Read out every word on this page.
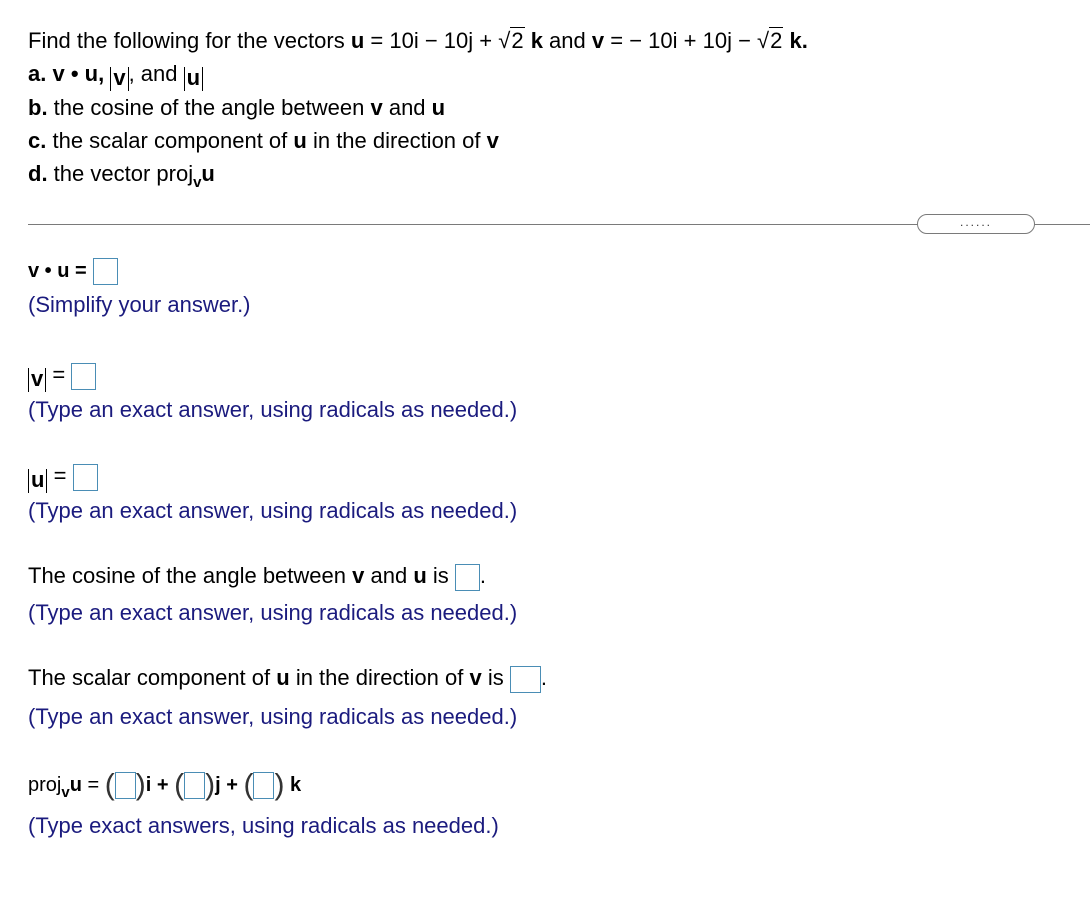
Find the following for the vectors u = 10i − 10j + √2 k and v = − 10i + 10j − √2 k.
a. v • u, v , and u
b. the cosine of the angle between v and u
c. the scalar component of u in the direction of v
d. the vector proj$_v$u
......
v • u =
(Simplify your answer.)
v =
(Type an exact answer, using radicals as needed.)
u =
(Type an exact answer, using radicals as needed.)
The cosine of the angle between v and u is .
(Type an exact answer, using radicals as needed.)
The scalar component of u in the direction of v is .
(Type an exact answer, using radicals as needed.)
proj$_v$u = ( )i + ( )j + ( ) k
(Type exact answers, using radicals as needed.)
